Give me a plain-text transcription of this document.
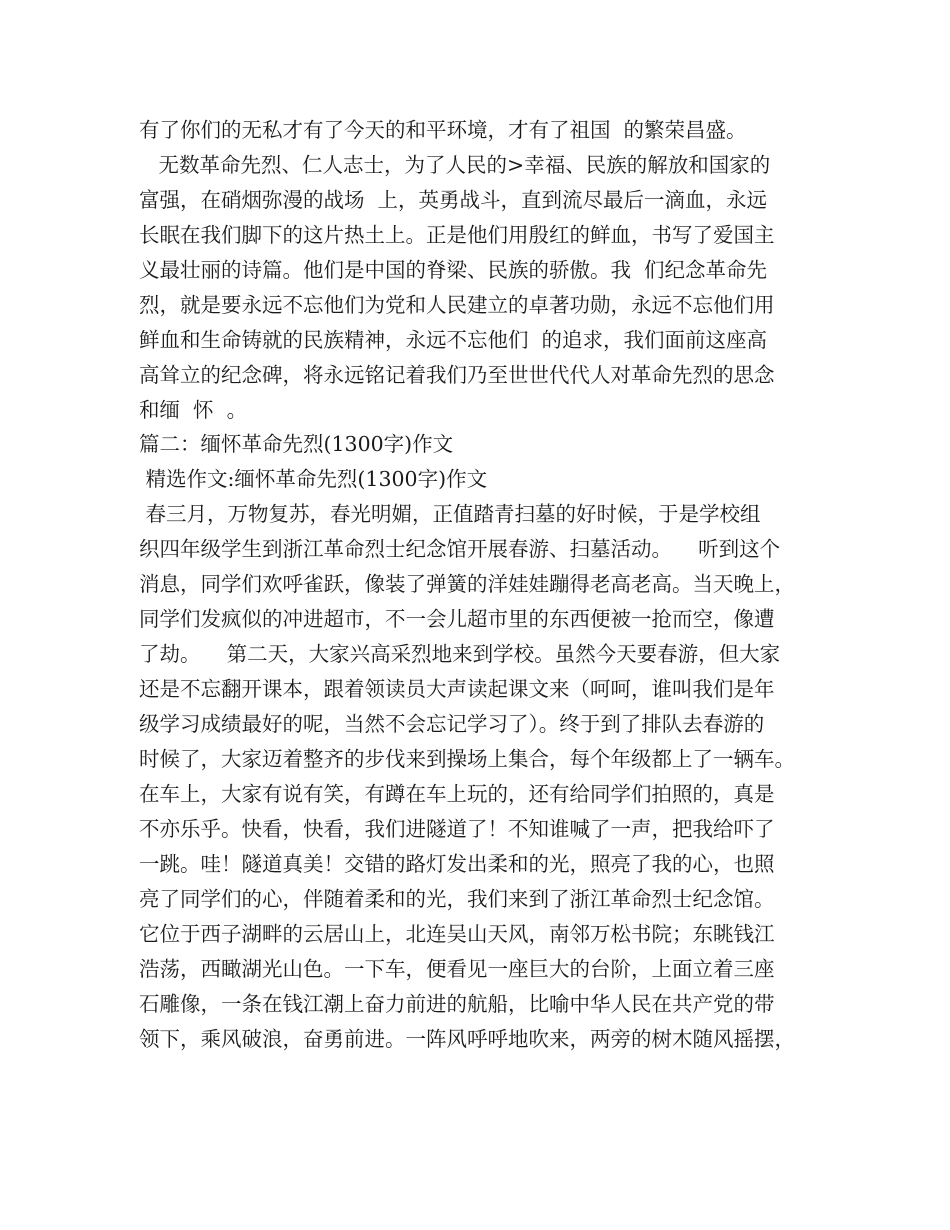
有了你们的无私才有了今天的和平环境，才有了祖国  的繁荣昌盛。
无数革命先烈、仁人志士，为了人民的>幸福、民族的解放和国家的
富强，在硝烟弥漫的战场  上，英勇战斗，直到流尽最后一滴血，永远
长眠在我们脚下的这片热土上。正是他们用殷红的鲜血，书写了爱国主
义最壮丽的诗篇。他们是中国的脊梁、民族的骄傲。我  们纪念革命先
烈，就是要永远不忘他们为党和人民建立的卓著功勋，永远不忘他们用
鲜血和生命铸就的民族精神，永远不忘他们  的追求，我们面前这座高
高耸立的纪念碑，将永远铭记着我们乃至世世代代人对革命先烈的思念
和缅  怀  。
篇二：缅怀革命先烈(1300字)作文
精选作文:缅怀革命先烈(1300字)作文
春三月，万物复苏，春光明媚，正值踏青扫墓的好时候，于是学校组
织四年级学生到浙江革命烈士纪念馆开展春游、扫墓活动。    听到这个
消息，同学们欢呼雀跃，像装了弹簧的洋娃娃蹦得老高老高。当天晚上，
同学们发疯似的冲进超市，不一会儿超市里的东西便被一抢而空，像遭
了劫。    第二天，大家兴高采烈地来到学校。虽然今天要春游，但大家
还是不忘翻开课本，跟着领读员大声读起课文来（呵呵，谁叫我们是年
级学习成绩最好的呢，当然不会忘记学习了）。终于到了排队去春游的
时候了，大家迈着整齐的步伐来到操场上集合，每个年级都上了一辆车。
在车上，大家有说有笑，有蹲在车上玩的，还有给同学们拍照的，真是
不亦乐乎。快看，快看，我们进隧道了！不知谁喊了一声，把我给吓了
一跳。哇！隧道真美！交错的路灯发出柔和的光，照亮了我的心，也照
亮了同学们的心，伴随着柔和的光，我们来到了浙江革命烈士纪念馆。
它位于西子湖畔的云居山上，北连吴山天风，南邻万松书院；东眺钱江
浩荡，西瞰湖光山色。一下车，便看见一座巨大的台阶，上面立着三座
石雕像，一条在钱江潮上奋力前进的航船，比喻中华人民在共产党的带
领下，乘风破浪，奋勇前进。一阵风呼呼地吹来，两旁的树木随风摇摆，
